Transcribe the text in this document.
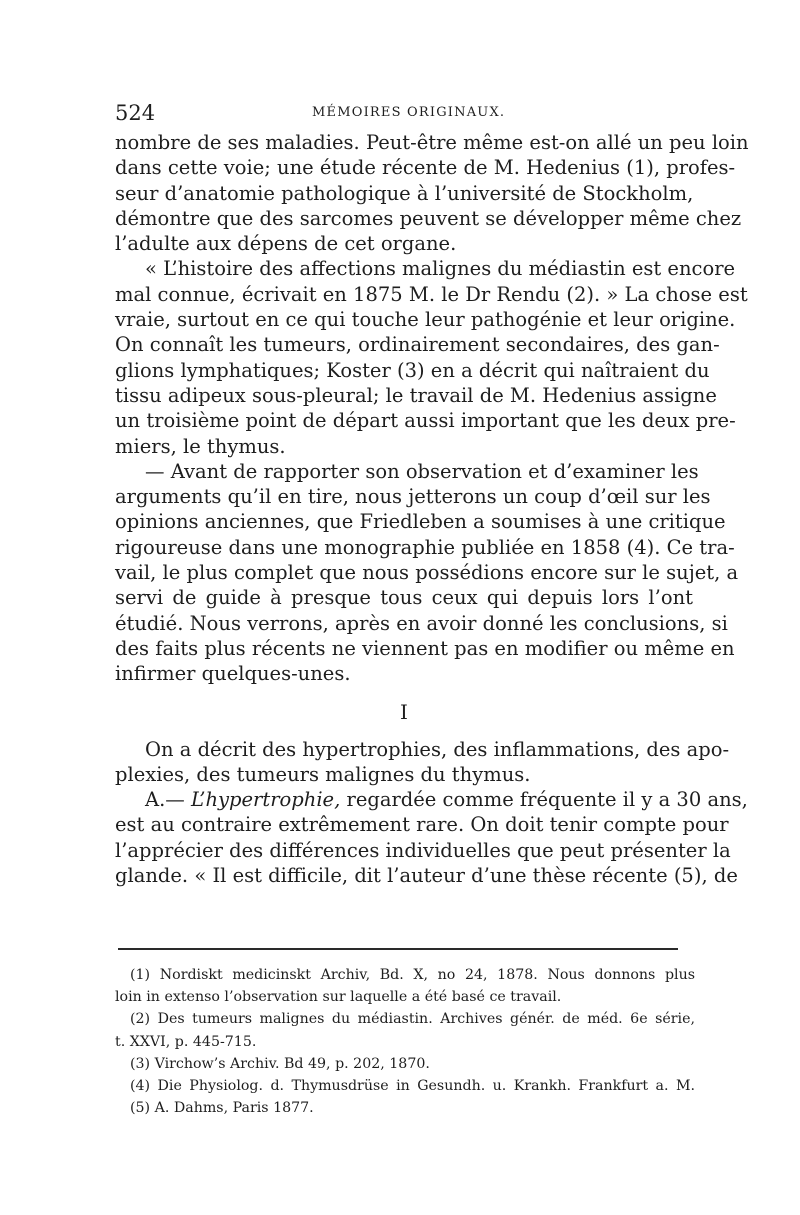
524	MÉMOIRES ORIGINAUX.
nombre de ses maladies. Peut-être même est-on allé un peu loin
dans cette voie; une étude récente de M. Hedenius (1), profes-
seur d’anatomie pathologique à l’université de Stockholm,
démontre que des sarcomes peuvent se développer même chez
l’adulte aux dépens de cet organe.
« L’histoire des affections malignes du médiastin est encore
mal connue, écrivait en 1875 M. le Dr Rendu (2). » La chose est
vraie, surtout en ce qui touche leur pathogénie et leur origine.
On connaît les tumeurs, ordinairement secondaires, des gan-
glions lymphatiques; Koster (3) en a décrit qui naîtraient du
tissu adipeux sous-pleural; le travail de M. Hedenius assigne
un troisième point de départ aussi important que les deux pre-
miers, le thymus.
— Avant de rapporter son observation et d’examiner les
arguments qu’il en tire, nous jetterons un coup d’œil sur les
opinions anciennes, que Friedleben a soumises à une critique
rigoureuse dans une monographie publiée en 1858 (4). Ce tra-
vail, le plus complet que nous possédions encore sur le sujet, a
servi de guide à presque tous ceux qui depuis lors l’ont
étudié. Nous verrons, après en avoir donné les conclusions, si
des faits plus récents ne viennent pas en modifier ou même en
infirmer quelques-unes.
I
On a décrit des hypertrophies, des inflammations, des apo-
plexies, des tumeurs malignes du thymus.
A.— L’hypertrophie, regardée comme fréquente il y a 30 ans,
est au contraire extrêmement rare. On doit tenir compte pour
l’apprécier des différences individuelles que peut présenter la
glande. « Il est difficile, dit l’auteur d’une thèse récente (5), de
(1) Nordiskt medicinskt Archiv, Bd. X, no 24, 1878. Nous donnons plus
loin in extenso l’observation sur laquelle a été basé ce travail.
(2) Des tumeurs malignes du médiastin. Archives génér. de méd. 6e série,
t. XXVI, p. 445-715.
(3) Virchow’s Archiv. Bd 49, p. 202, 1870.
(4) Die Physiolog. d. Thymusdrüse in Gesundh. u. Krankh. Frankfurt a. M.
(5) A. Dahms, Paris 1877.
